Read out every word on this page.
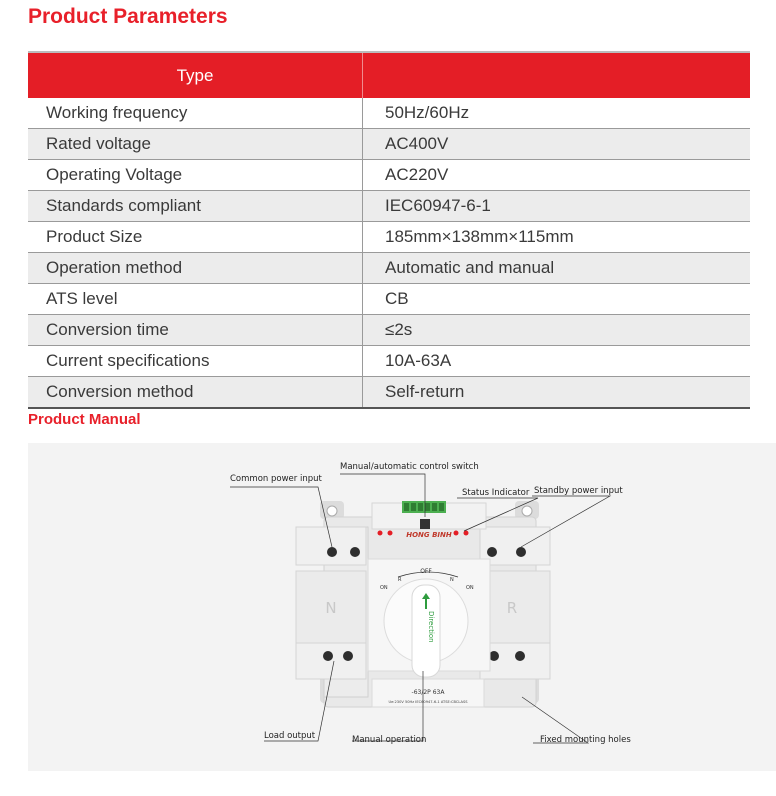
Product Parameters
Type	
Working frequency	50Hz/60Hz
Rated voltage	AC400V
Operating Voltage	AC220V
Standards compliant	IEC60947-6-1
Product Size	185mm×138mm×115mm
Operation method	Automatic and manual
ATS level	CB
Conversion time	≤2s
Current specifications	10A-63A
Conversion method	Self-return
Product Manual
N	R
HONG BINH
OFF
R	N
ON	ON
Direction
-63/2P 63A
Ue:230V 50Hz IEC60947-6-1 ATSE:CBCLASS
Common power input
Manual/automatic control switch
Status Indicator Standby power input
Load output	Manual operation	Fixed mounting holes
